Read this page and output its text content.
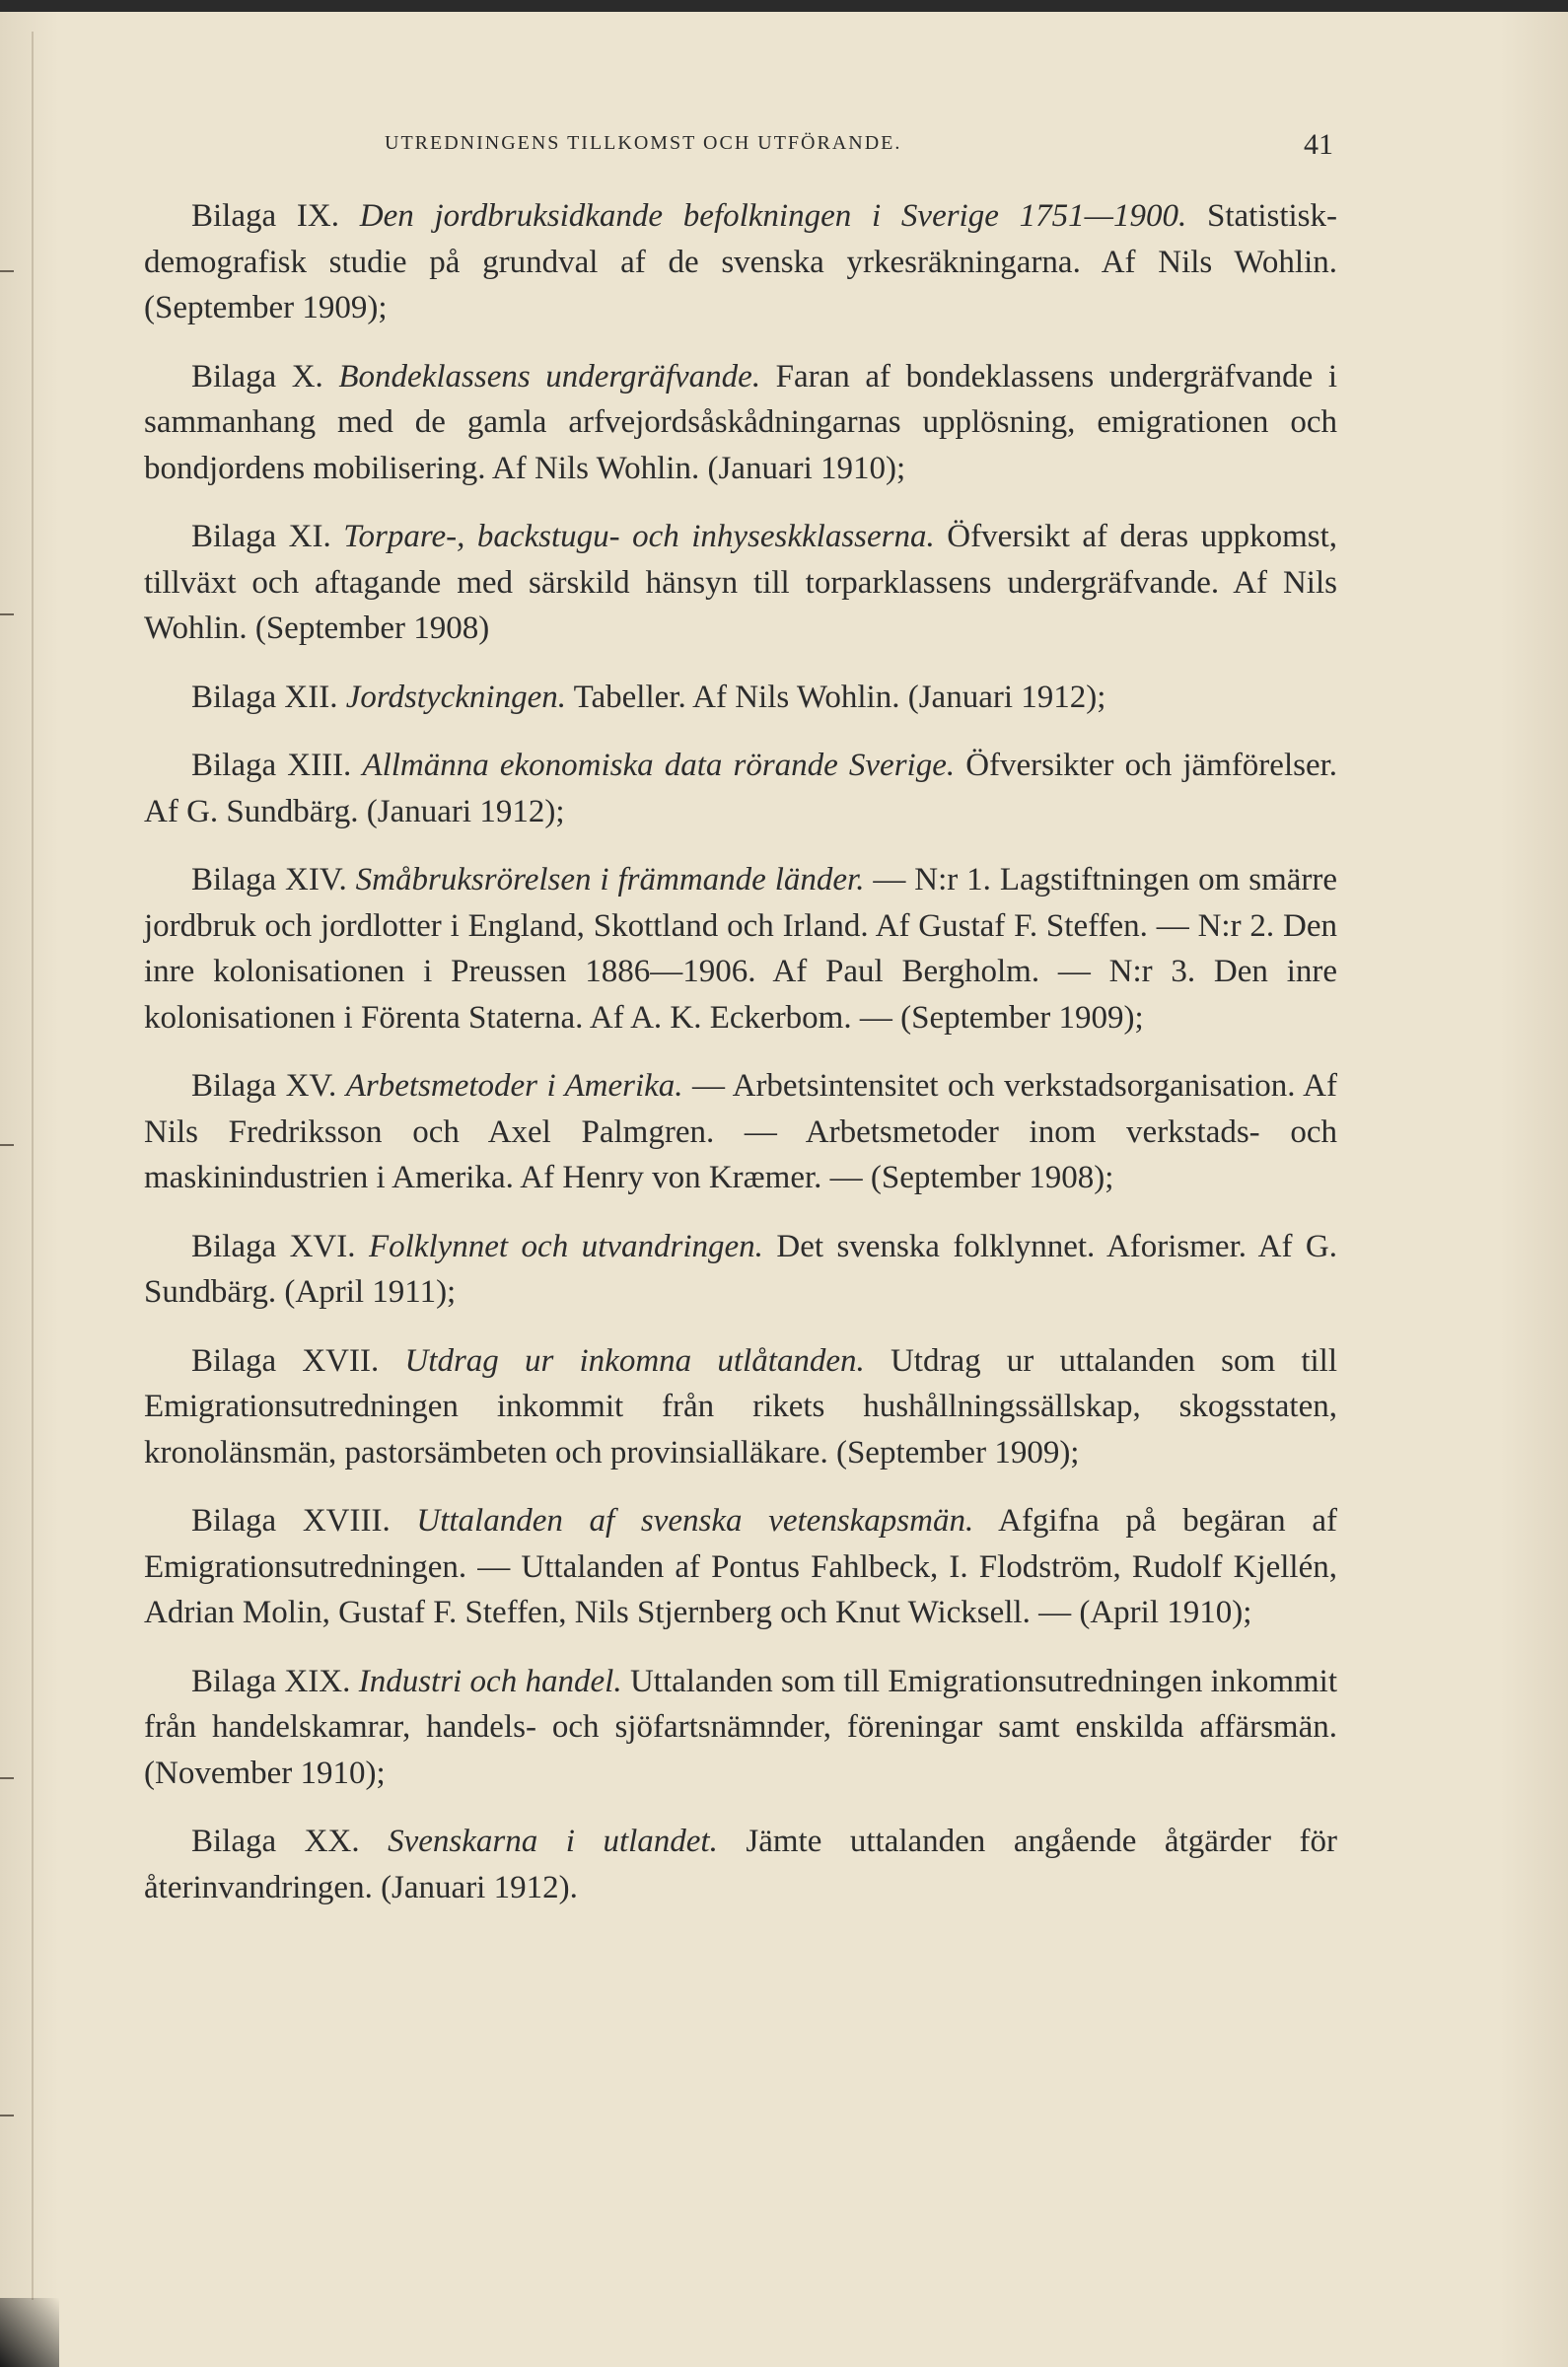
UTREDNINGENS TILLKOMST OCH UTFÖRANDE.	41

Bilaga IX. Den jordbruksidkande befolkningen i Sverige 1751—1900. Statistisk-demografisk studie på grundval af de svenska yrkesräkningarna. Af Nils Wohlin. (September 1909);

Bilaga X. Bondeklassens undergräfvande. Faran af bondeklassens undergräfvande i sammanhang med de gamla arfvejordsåskådningarnas upplösning, emigrationen och bondjordens mobilisering. Af Nils Wohlin. (Januari 1910);

Bilaga XI. Torpare-, backstugu- och inhyseskklasserna. Öfversikt af deras uppkomst, tillväxt och aftagande med särskild hänsyn till torparklassens undergräfvande. Af Nils Wohlin. (September 1908)

Bilaga XII. Jordstyckningen. Tabeller. Af Nils Wohlin. (Januari 1912);

Bilaga XIII. Allmänna ekonomiska data rörande Sverige. Öfversikter och jämförelser. Af G. Sundbärg. (Januari 1912);

Bilaga XIV. Småbruksrörelsen i främmande länder. — N:r 1. Lagstiftningen om smärre jordbruk och jordlotter i England, Skottland och Irland. Af Gustaf F. Steffen. — N:r 2. Den inre kolonisationen i Preussen 1886—1906. Af Paul Bergholm. — N:r 3. Den inre kolonisationen i Förenta Staterna. Af A. K. Eckerbom. — (September 1909);

Bilaga XV. Arbetsmetoder i Amerika. — Arbetsintensitet och verkstadsorganisation. Af Nils Fredriksson och Axel Palmgren. — Arbetsmetoder inom verkstads- och maskinindustrien i Amerika. Af Henry von Kræmer. — (September 1908);

Bilaga XVI. Folklynnet och utvandringen. Det svenska folklynnet. Aforismer. Af G. Sundbärg. (April 1911);

Bilaga XVII. Utdrag ur inkomna utlåtanden. Utdrag ur uttalanden som till Emigrationsutredningen inkommit från rikets hushållningssällskap, skogsstaten, kronolänsmän, pastorsämbeten och provinsialläkare. (September 1909);

Bilaga XVIII. Uttalanden af svenska vetenskapsmän. Afgifna på begäran af Emigrationsutredningen. — Uttalanden af Pontus Fahlbeck, I. Flodström, Rudolf Kjellén, Adrian Molin, Gustaf F. Steffen, Nils Stjernberg och Knut Wicksell. — (April 1910);

Bilaga XIX. Industri och handel. Uttalanden som till Emigrationsutredningen inkommit från handelskamrar, handels- och sjöfartsnämnder, föreningar samt enskilda affärsmän. (November 1910);

Bilaga XX. Svenskarna i utlandet. Jämte uttalanden angående åtgärder för återinvandringen. (Januari 1912).
